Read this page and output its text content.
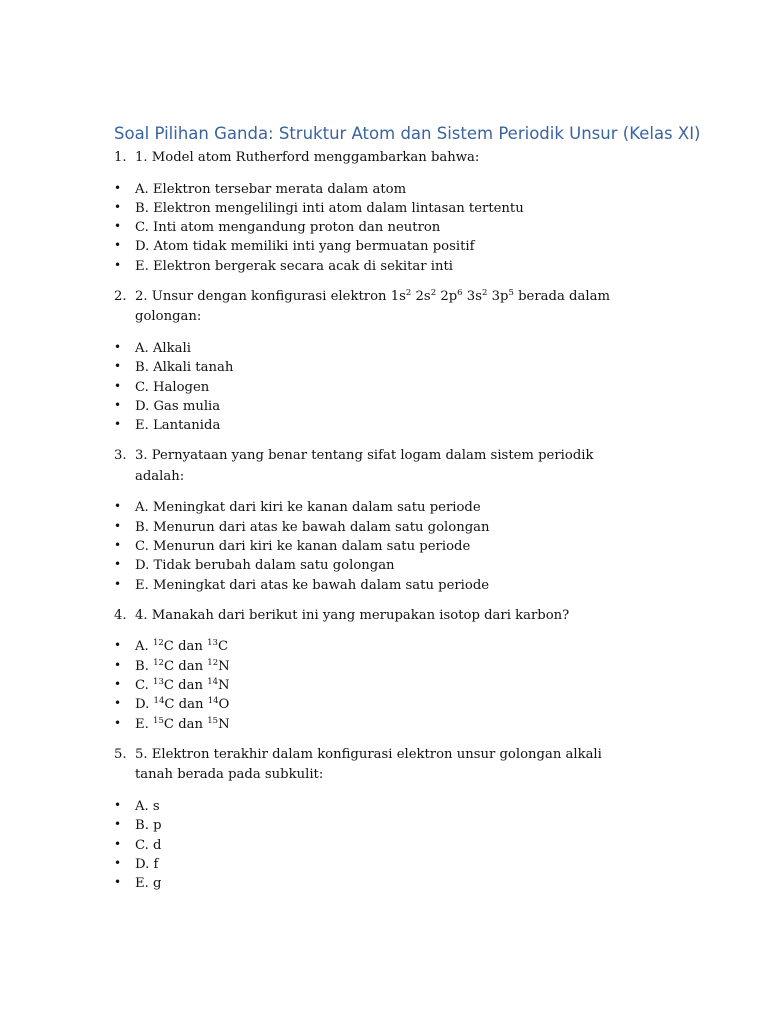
Soal Pilihan Ganda: Struktur Atom dan Sistem Periodik Unsur (Kelas XI)
1. 1. Model atom Rutherford menggambarkan bahwa:
•	A. Elektron tersebar merata dalam atom
•	B. Elektron mengelilingi inti atom dalam lintasan tertentu
•	C. Inti atom mengandung proton dan neutron
•	D. Atom tidak memiliki inti yang bermuatan positif
•	E. Elektron bergerak secara acak di sekitar inti
2. 2. Unsur dengan konfgurasi elektron $1s^2$ $2s^2$ $2p^6$ $3s^2$ $3p^5$ berada dalam golongan:
•	A. Alkali
•	B. Alkali tanah
•	C. Halogen
•	D. Gas mulia
•	E. Lantanida
3. 3. Pernyataan yang benar tentang sifat logam dalam sistem periodik adalah:
•	A. Meningkat dari kiri ke kanan dalam satu periode
•	B. Menurun dari atas ke bawah dalam satu golongan
•	C. Menurun dari kiri ke kanan dalam satu periode
•	D. Tidak berubah dalam satu golongan
•	E. Meningkat dari atas ke bawah dalam satu periode
4. 4. Manakah dari berikut ini yang merupakan isotop dari karbon?
•	A. $^{12}$C dan $^{13}$C
•	B. $^{12}$C dan $^{12}$N
•	C. $^{13}$C dan $^{14}$N
•	D. $^{14}$C dan $^{14}$O
•	E. $^{15}$C dan $^{15}$N
5. 5. Elektron terakhir dalam konfigurasi elektron unsur golongan alkali tanah berada pada subkulit:
•	A. s
•	B. p
•	C. d
•	D. f
•	E. g
